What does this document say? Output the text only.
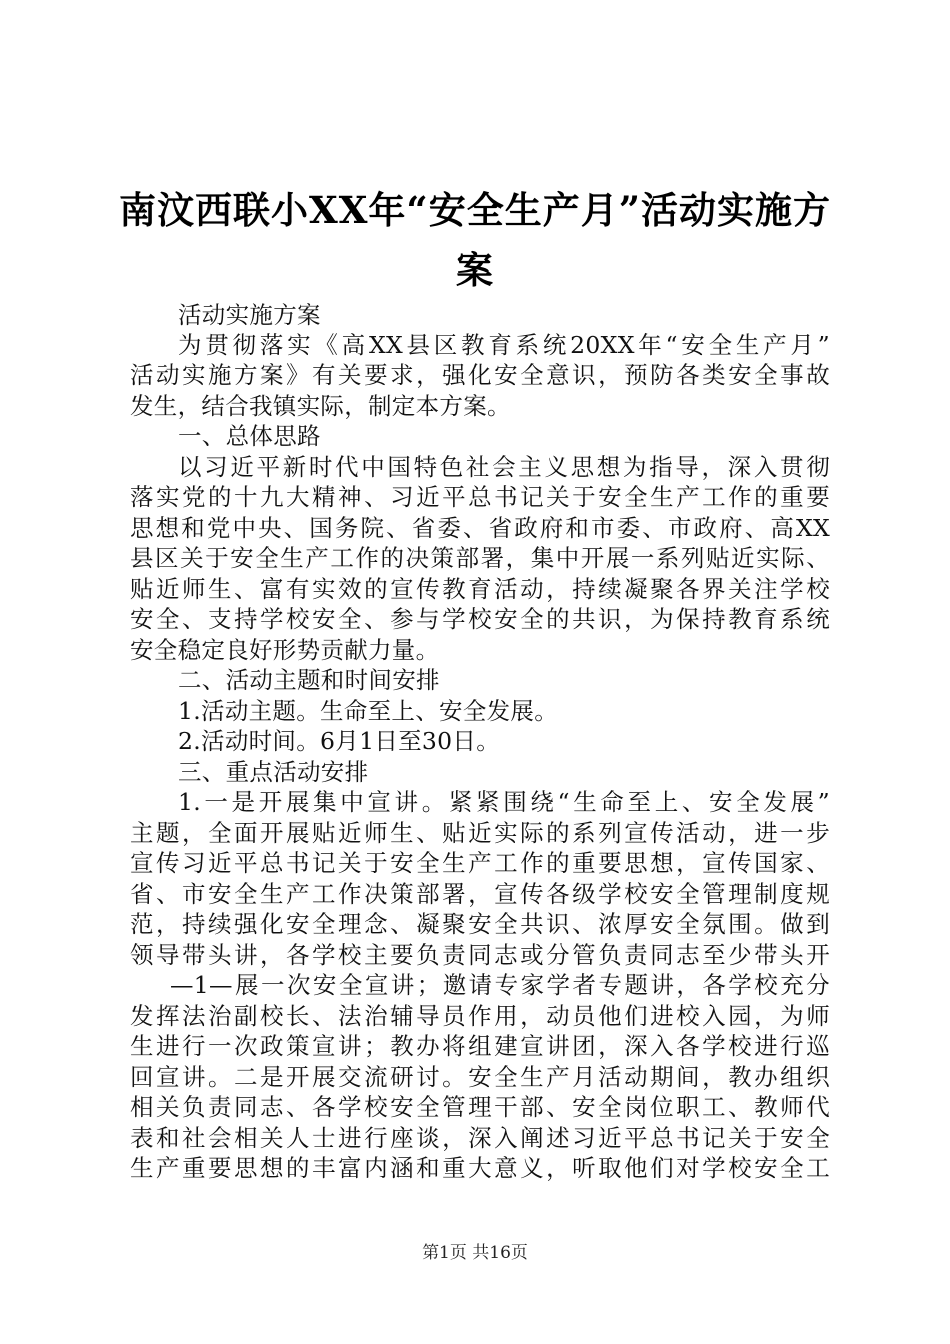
南汶西联小XX年“安全生产月”活动实施方
案
活动实施方案
为贯彻落实《高XX县区教育系统20XX年“安全生产月”
活动实施方案》有关要求，强化安全意识，预防各类安全事故
发生，结合我镇实际，制定本方案。
一、总体思路
以习近平新时代中国特色社会主义思想为指导，深入贯彻
落实党的十九大精神、习近平总书记关于安全生产工作的重要
思想和党中央、国务院、省委、省政府和市委、市政府、高XX
县区关于安全生产工作的决策部署，集中开展一系列贴近实际、
贴近师生、富有实效的宣传教育活动，持续凝聚各界关注学校
安全、支持学校安全、参与学校安全的共识，为保持教育系统
安全稳定良好形势贡献力量。
二、活动主题和时间安排
1.活动主题。生命至上、安全发展。
2.活动时间。6月1日至30日。
三、重点活动安排
1.一是开展集中宣讲。紧紧围绕“生命至上、安全发展”
主题，全面开展贴近师生、贴近实际的系列宣传活动，进一步
宣传习近平总书记关于安全生产工作的重要思想，宣传国家、
省、市安全生产工作决策部署，宣传各级学校安全管理制度规
范，持续强化安全理念、凝聚安全共识、浓厚安全氛围。做到
领导带头讲，各学校主要负责同志或分管负责同志至少带头开
—1—展一次安全宣讲；邀请专家学者专题讲，各学校充分
发挥法治副校长、法治辅导员作用，动员他们进校入园，为师
生进行一次政策宣讲；教办将组建宣讲团，深入各学校进行巡
回宣讲。二是开展交流研讨。安全生产月活动期间，教办组织
相关负责同志、各学校安全管理干部、安全岗位职工、教师代
表和社会相关人士进行座谈，深入阐述习近平总书记关于安全
生产重要思想的丰富内涵和重大意义，听取他们对学校安全工
第1页 共16页
